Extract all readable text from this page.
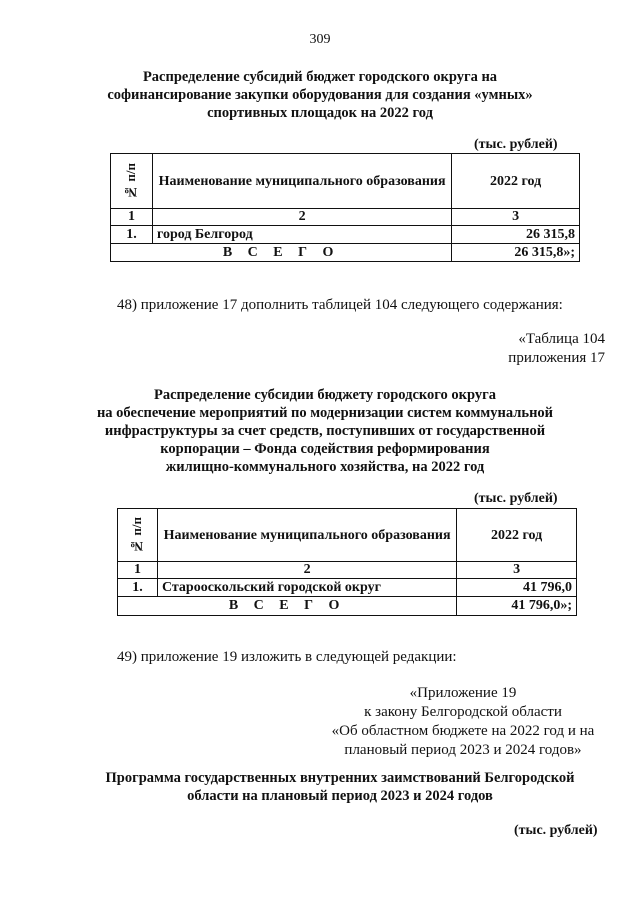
309
Распределение субсидий бюджет городского округа на
софинансирование закупки оборудования для создания «умных»
спортивных площадок на 2022 год
(тыс. рублей)
№ п/п	Наименование муниципального образования	2022 год
1	2	3
1.	город Белгород	26 315,8
В С Е Г О		26 315,8»;
48) приложение 17 дополнить таблицей 104 следующего содержания:
«Таблица 104
приложения 17
Распределение субсидии бюджету городского округа
на обеспечение мероприятий по модернизации систем коммунальной
инфраструктуры за счет средств, поступивших от государственной
корпорации – Фонда содействия реформирования
жилищно-коммунального хозяйства, на 2022 год
(тыс. рублей)
№ п/п	Наименование муниципального образования	2022 год
1	2	3
1.	Старооскольский городской округ	41 796,0
В С Е Г О		41 796,0»;
49) приложение 19 изложить в следующей редакции:
«Приложение 19
к закону Белгородской области
«Об областном бюджете на 2022 год и на
плановый период 2023 и 2024 годов»
Программа государственных внутренних заимствований Белгородской
области на плановый период 2023 и 2024 годов
(тыс. рублей)
